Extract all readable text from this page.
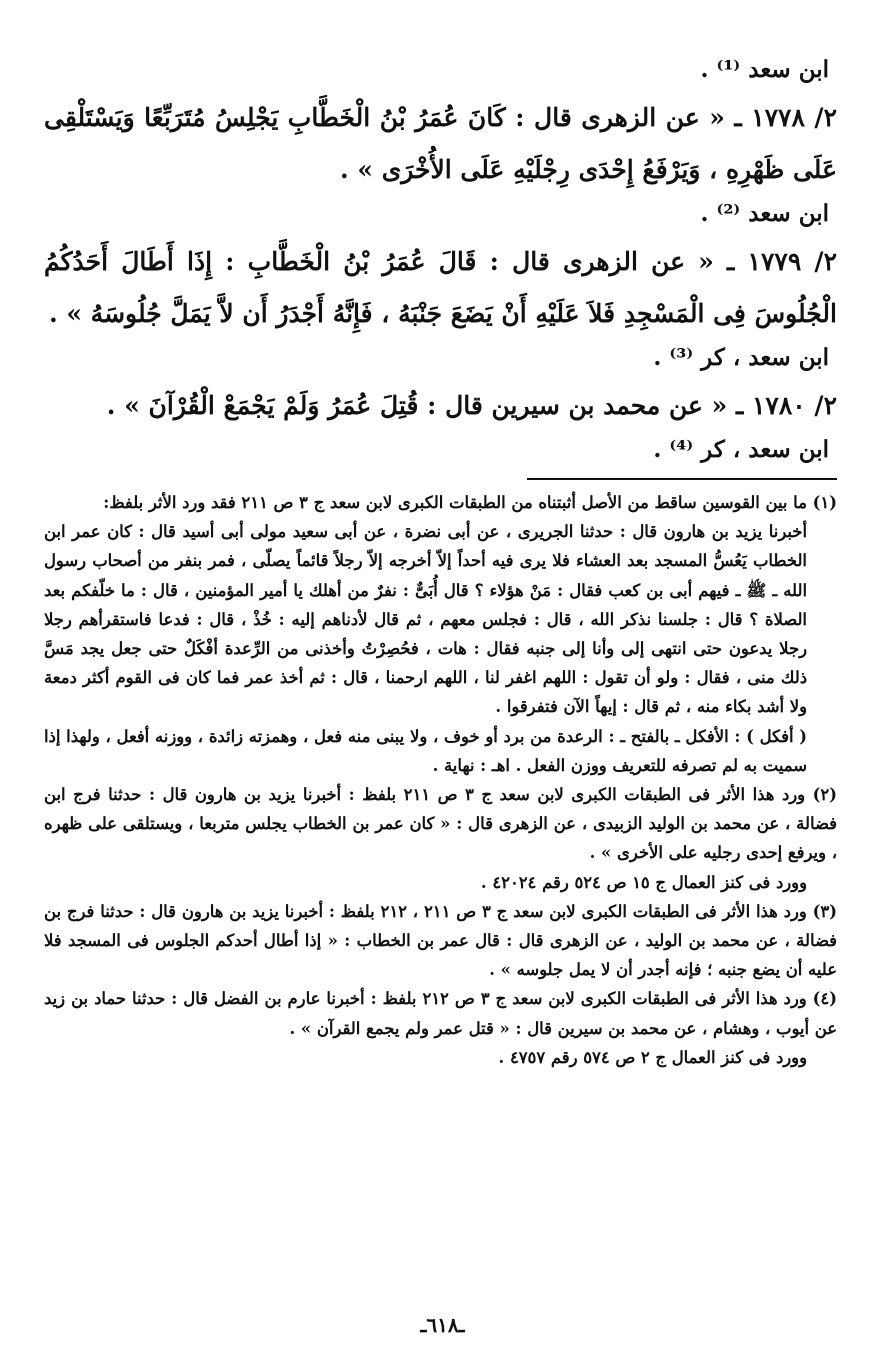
ابن سعد ⁽¹⁾ .

٢/ ١٧٧٨ ـ « عن الزهرى قال : كَانَ عُمَرُ بْنُ الْخَطَّابِ يَجْلِسُ مُتَرَبِّعًا وَيَسْتَلْقِى عَلَى ظَهْرِهِ ، وَيَرْفَعُ إِحْدَى رِجْلَيْهِ عَلَى الأُخْرَى » .

ابن سعد ⁽²⁾ .

٢/ ١٧٧٩ ـ « عن الزهرى قال : قَالَ عُمَرُ بْنُ الْخَطَّابِ : إِذَا أَطَالَ أَحَدُكُمُ الْجُلُوسَ فِى الْمَسْجِدِ فَلاَ عَلَيْهِ أَنْ يَضَعَ جَنْبَهُ ، فَإِنَّهُ أَجْدَرُ أَن لاَّ يَمَلَّ جُلُوسَهُ » .

ابن سعد ، كر ⁽³⁾ .

٢/ ١٧٨٠ ـ « عن محمد بن سيرين قال : قُتِلَ عُمَرُ وَلَمْ يَجْمَعْ الْقُرْآنَ » .

ابن سعد ، كر ⁽⁴⁾ .

(١) ما بين القوسين ساقط من الأصل أثبتناه من الطبقات الكبرى لابن سعد ج ٣ ص ٢١١ فقد ورد الأثر بلفظ:

أخبرنا يزيد بن هارون قال : حدثنا الجريرى ، عن أبى نضرة ، عن أبى سعيد مولى أبى أسيد قال : كان عمر ابن الخطاب يَعُسُّ المسجد بعد العشاء فلا يرى فيه أحداً إلاّ أخرجه إلاّ رجلاً قائماً يصلّى ، فمر بنفر من أصحاب رسول الله ـ ﷺ ـ فيهم أبى بن كعب فقال : مَنْ هؤلاء ؟ قال أُبَىٌّ : نفرٌ من أهلك يا أمير المؤمنين ، قال : ما خلّفكم بعد الصلاة ؟ قال : جلسنا نذكر الله ، قال : فجلس معهم ، ثم قال لأدناهم إليه : خُذْ ، قال : فدعا فاستقرأهم رجلا رجلا يدعون حتى انتهى إلى وأنا إلى جنبه فقال : هات ، فحُصِرْتُ وأخذنى من الرِّعدة أفْكَلٌ حتى جعل يجد مَسَّ ذلك منى ، فقال : ولو أن تقول : اللهم اغفر لنا ، اللهم ارحمنا ، قال : ثم أخذ عمر فما كان فى القوم أكثر دمعة ولا أشد بكاء منه ، ثم قال : إيهاً الآن فتفرقوا .

( أفكل ) : الأفكل ـ بالفتح ـ : الرعدة من برد أو خوف ، ولا يبنى منه فعل ، وهمزته زائدة ، ووزنه أفعل ، ولهذا إذا سميت به لم تصرفه للتعريف ووزن الفعل . اهـ : نهاية .

(٢) ورد هذا الأثر فى الطبقات الكبرى لابن سعد ج ٣ ص ٢١١ بلفظ : أخبرنا يزيد بن هارون قال : حدثنا فرج ابن فضالة ، عن محمد بن الوليد الزبيدى ، عن الزهرى قال : « كان عمر بن الخطاب يجلس متربعا ، ويستلقى على ظهره ، ويرفع إحدى رجليه على الأخرى » .

وورد فى كنز العمال ج ١٥ ص ٥٢٤ رقم ٤٢٠٢٤ .

(٣) ورد هذا الأثر فى الطبقات الكبرى لابن سعد ج ٣ ص ٢١١ ، ٢١٢ بلفظ : أخبرنا يزيد بن هارون قال : حدثنا فرج بن فضالة ، عن محمد بن الوليد ، عن الزهرى قال : قال عمر بن الخطاب : « إذا أطال أحدكم الجلوس فى المسجد فلا عليه أن يضع جنبه ؛ فإنه أجدر أن لا يمل جلوسه » .

(٤) ورد هذا الأثر فى الطبقات الكبرى لابن سعد ج ٣ ص ٢١٢ بلفظ : أخبرنا عارم بن الفضل قال : حدثنا حماد بن زيد عن أيوب ، وهشام ، عن محمد بن سيرين قال : « قتل عمر ولم يجمع القرآن » .

وورد فى كنز العمال ج ٢ ص ٥٧٤ رقم ٤٧٥٧ .

ـ٦١٨ـ
